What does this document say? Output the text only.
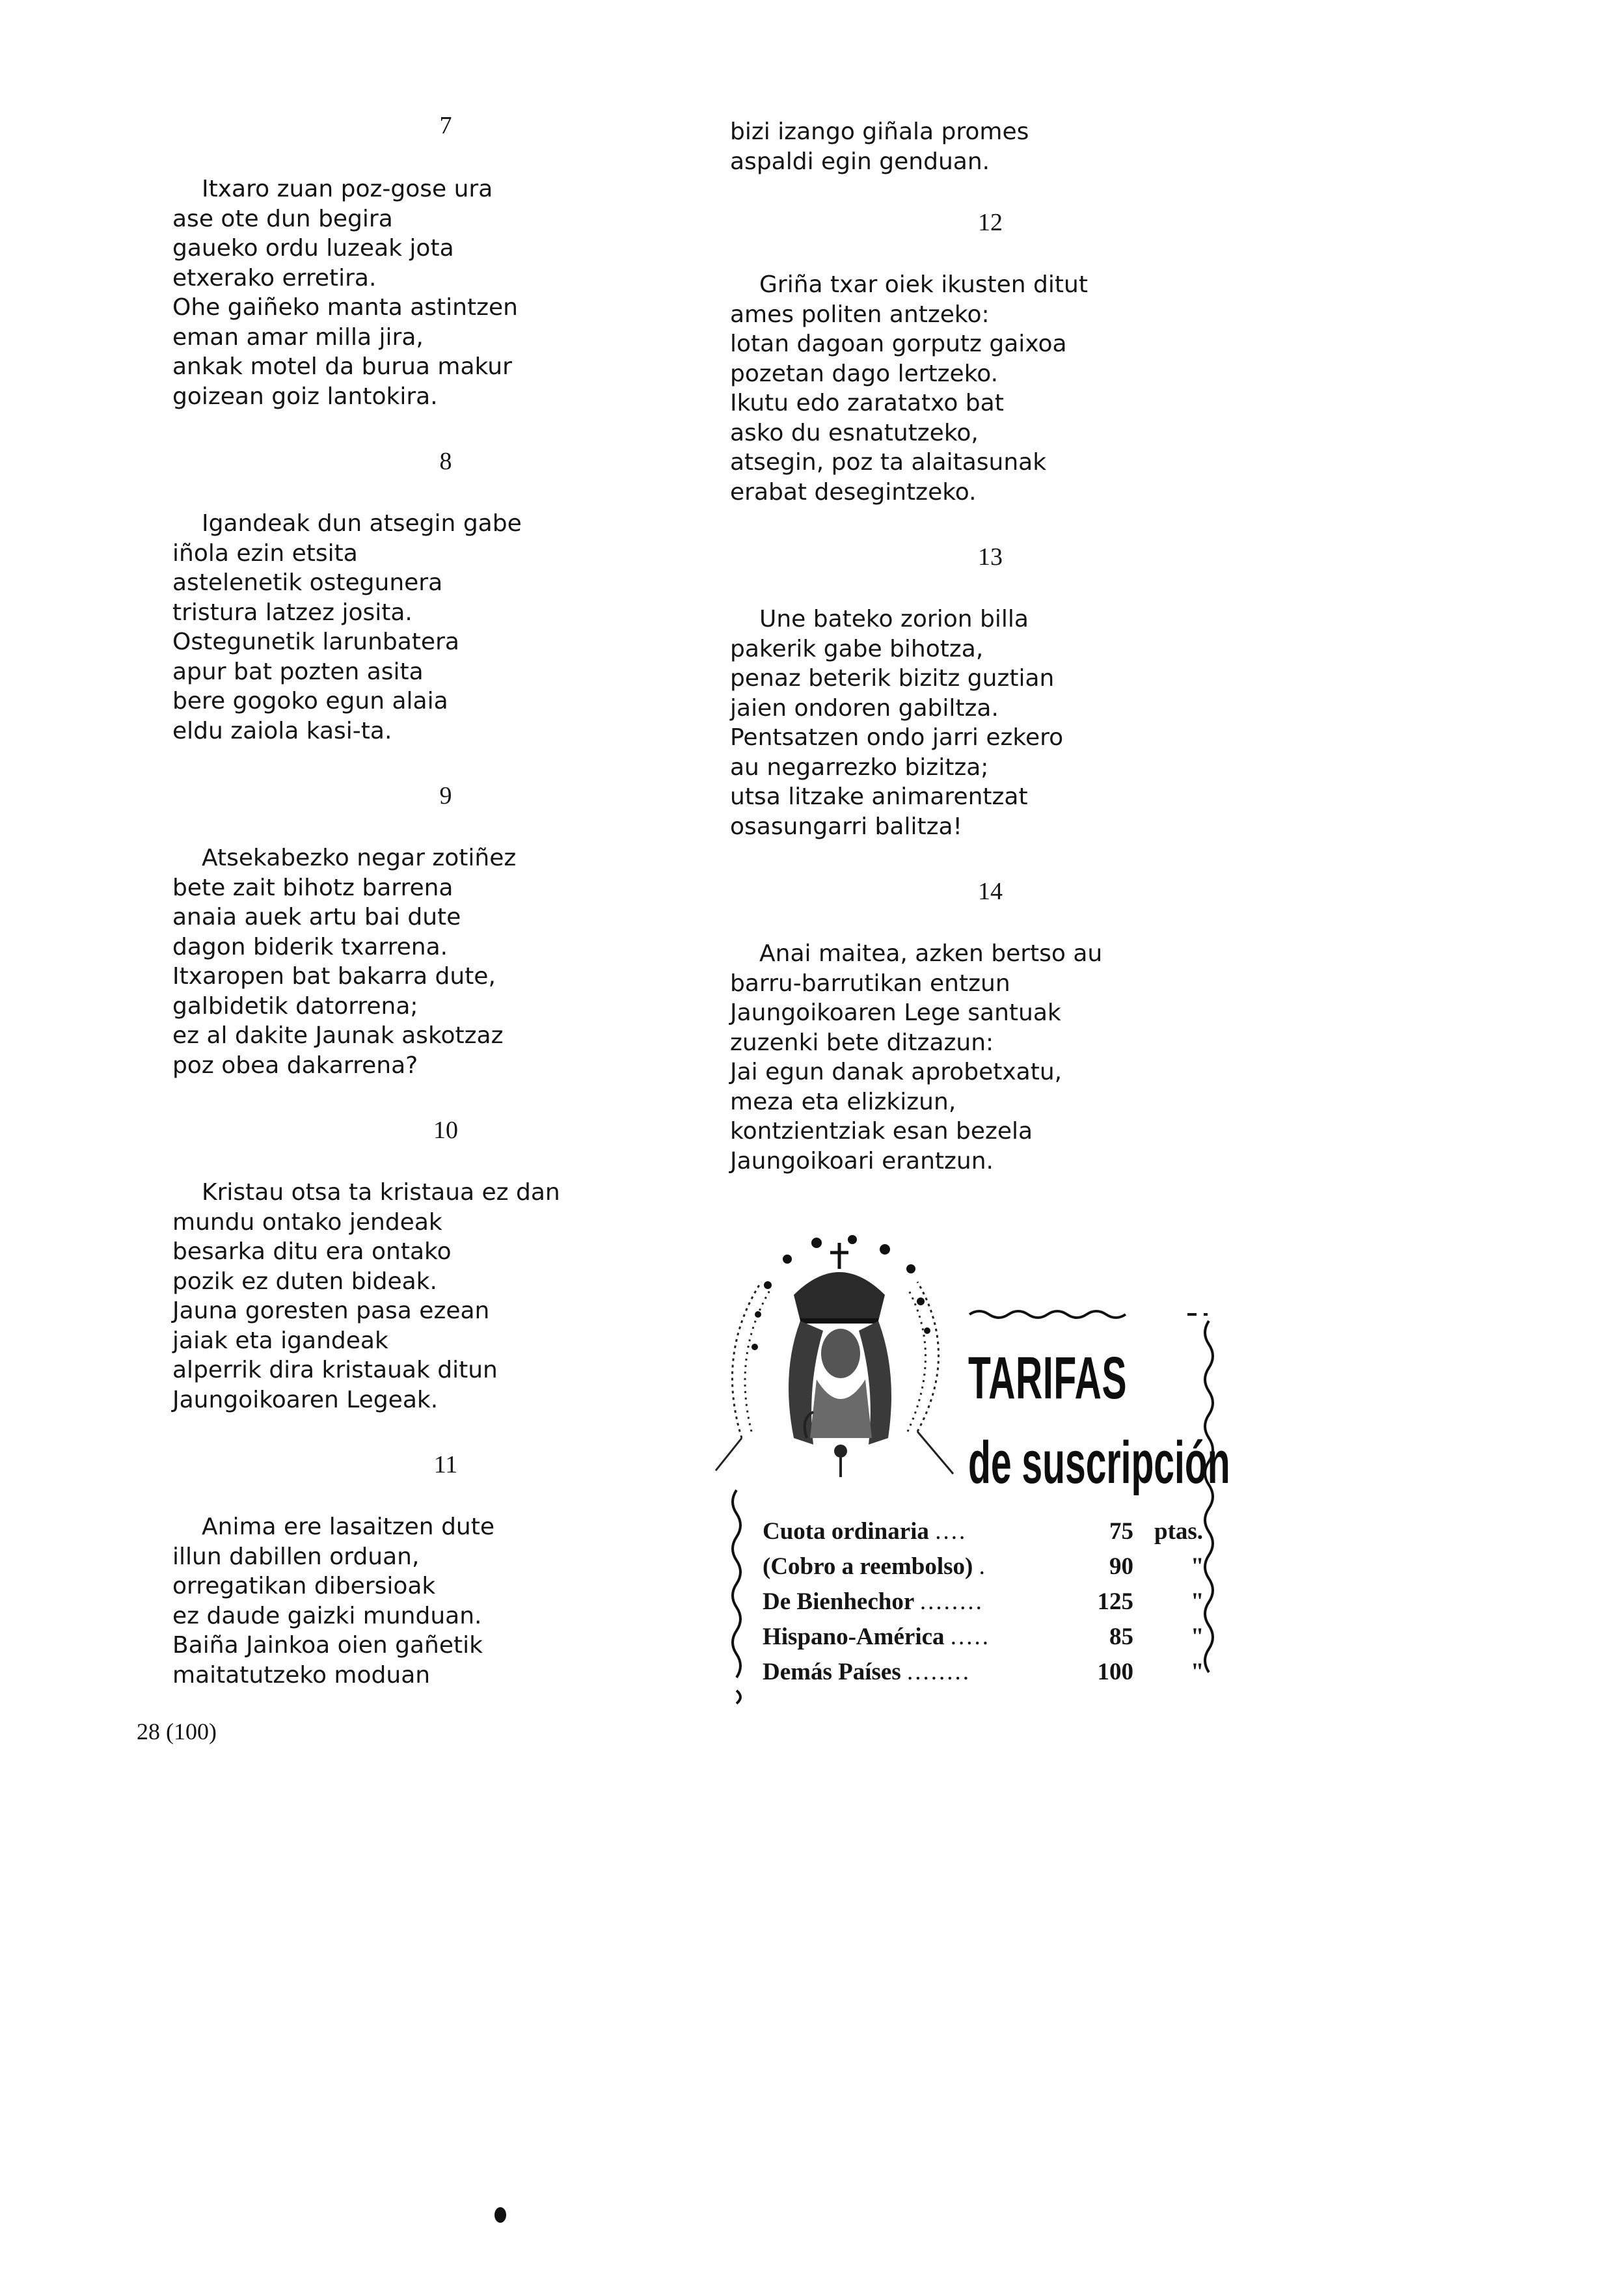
7

Itxaro zuan poz-gose ura

ase ote dun begira

gaueko ordu luzeak jota

etxerako erretira.

Ohe gaiñeko manta astintzen

eman amar milla jira,

ankak motel da burua makur

goizean goiz lantokira.

8

Igandeak dun atsegin gabe

iñola ezin etsita

astelenetik ostegunera

tristura latzez josita.

Ostegunetik larunbatera

apur bat pozten asita

bere gogoko egun alaia

eldu zaiola kasi-ta.

9

Atsekabezko negar zotiñez

bete zait bihotz barrena

anaia auek artu bai dute

dagon biderik txarrena.

Itxaropen bat bakarra dute,

galbidetik datorrena;

ez al dakite Jaunak askotzaz

poz obea dakarrena?

10

Kristau otsa ta kristaua ez dan

mundu ontako jendeak

besarka ditu era ontako

pozik ez duten bideak.

Jauna goresten pasa ezean

jaiak eta igandeak

alperrik dira kristauak ditun

Jaungoikoaren Legeak.

11

Anima ere lasaitzen dute

illun dabillen orduan,

orregatikan dibersioak

ez daude gaizki munduan.

Baiña Jainkoa oien gañetik

maitatutzeko moduan

bizi izango giñala promes

aspaldi egin genduan.

12

Griña txar oiek ikusten ditut

ames politen antzeko:

lotan dagoan gorputz gaixoa

pozetan dago lertzeko.

Ikutu edo zaratatxo bat

asko du esnatutzeko,

atsegin, poz ta alaitasunak

erabat desegintzeko.

13

Une bateko zorion billa

pakerik gabe bihotza,

penaz beterik bizitz guztian

jaien ondoren gabiltza.

Pentsatzen ondo jarri ezkero

au negarrezko bizitza;

utsa litzake animarentzat

osasungarri balitza!

14

Anai maitea, azken bertso au

barru-barrutikan entzun

Jaungoikoaren Lege santuak

zuzenki bete ditzazun:

Jai egun danak aprobetxatu,

meza eta elizkizun,

kontzientziak esan bezela

Jaungoikoari erantzun.

TARIFAS
de suscripción
Cuota ordinaria ....	75 ptas.
(Cobro a reembolso) .	90 "
De Bienhechor ........	125 "
Hispano-América .....	85 "
Demás Países ........	100 "
28 (100)
